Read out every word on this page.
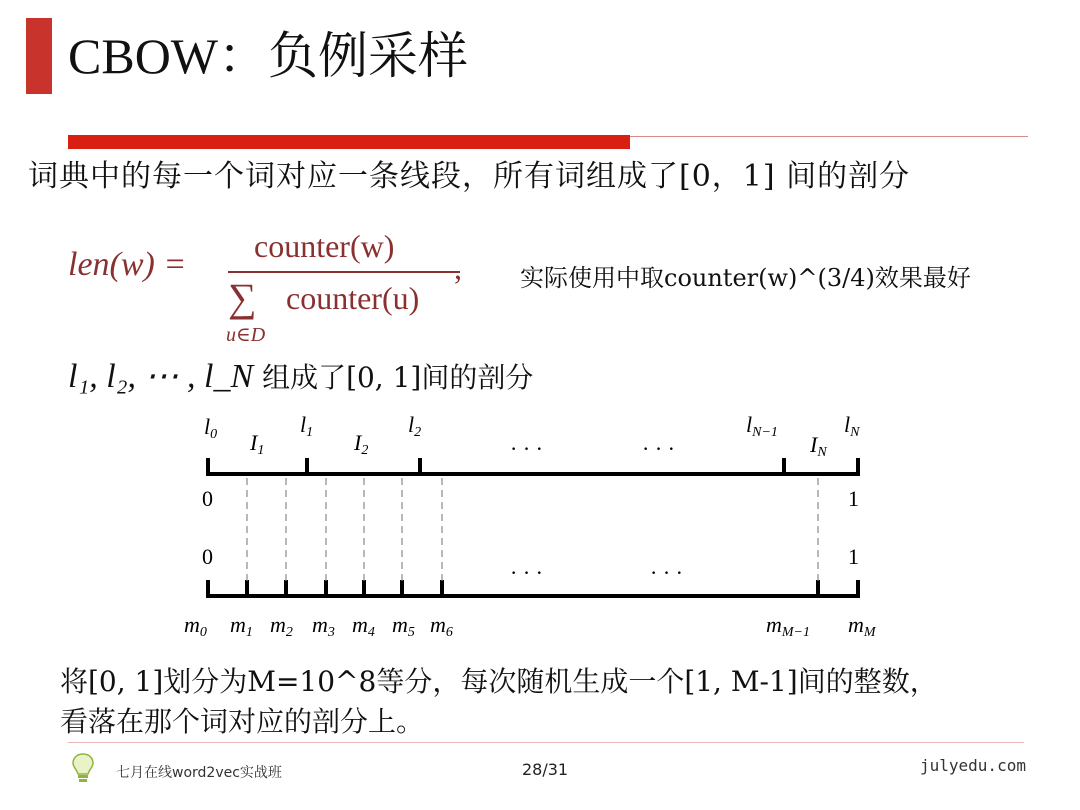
CBOW：负例采样
词典中的每一个词对应一条线段，所有词组成了[0，1] 间的剖分
len(w) = counter(w)
∑
u∈D
counter(u)
, 实际使用中取counter(w)^(3/4)效果最好
l₁, l₂, ⋯ , l_N 组成了[0, 1]间的剖分
l0	l1	l2	lN−1	lN
I1	I2	IN
· · ·	· · ·
0	1
0	1
· · ·	· · ·
m0 m1 m2 m3 m4 m5 m6	mM−1 mM
将[0, 1]划分为M=10^8等分，每次随机生成一个[1, M-1]间的整数，
看落在那个词对应的剖分上。
七月在线word2vec实战班	28/31	julyedu.com
